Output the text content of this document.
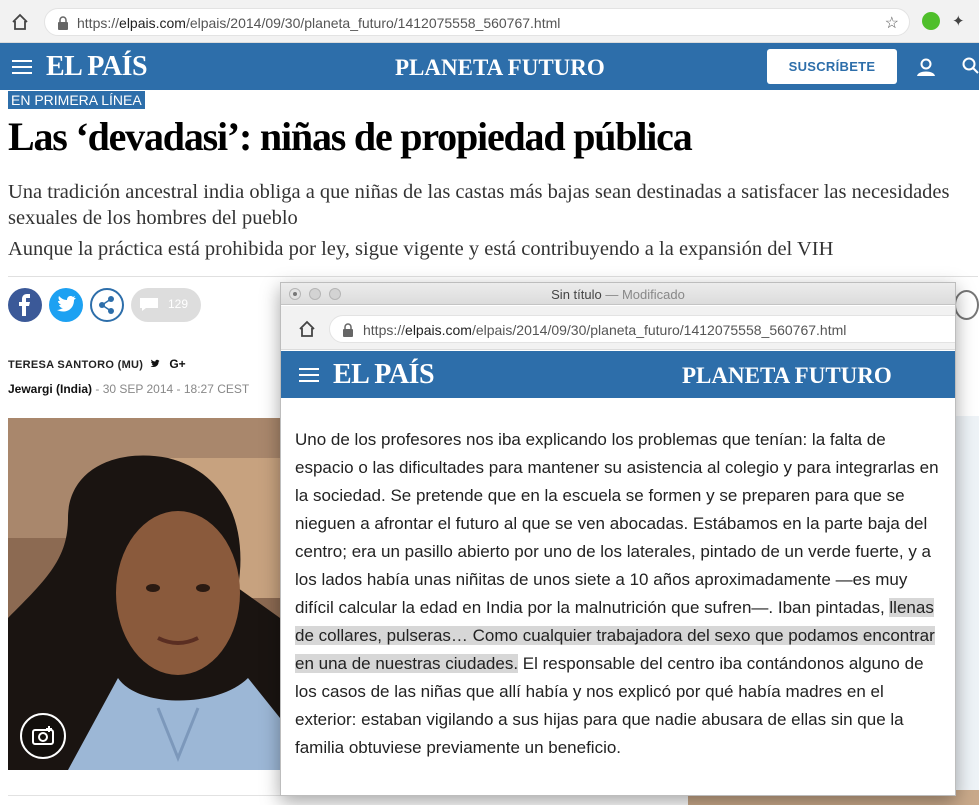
https://elpais.com/elpais/2014/09/30/planeta_futuro/1412075558_560767.html	☆	✦
EL PAÍS	PLANETA FUTURO	SUSCRÍBETE
EN PRIMERA LÍNEA
Las ‘devadasi’: niñas de propiedad pública
Una tradición ancestral india obliga a que niñas de las castas más bajas sean destinadas a satisfacer las necesidades sexuales de los hombres del pueblo
Aunque la práctica está prohibida por ley, sigue vigente y está contribuyendo a la expansión del VIH
129
TERESA SANTORO (MU)	G+
Jewargi (India) - 30 SEP 2014 - 18:27 CEST
Sin título — Modificado
https://elpais.com/elpais/2014/09/30/planeta_futuro/1412075558_560767.html
EL PAÍS	PLANETA FUTURO
Uno de los profesores nos iba explicando los problemas que tenían: la falta de espacio o las dificultades para mantener su asistencia al colegio y para integrarlas en la sociedad. Se pretende que en la escuela se formen y se preparen para que se nieguen a afrontar el futuro al que se ven abocadas. Estábamos en la parte baja del centro; era un pasillo abierto por uno de los laterales, pintado de un verde fuerte, y a los lados había unas niñitas de unos siete a 10 años aproximadamente —es muy difícil calcular la edad en India por la malnutrición que sufren—. Iban pintadas, llenas de collares, pulseras… Como cualquier trabajadora del sexo que podamos encontrar en una de nuestras ciudades. El responsable del centro iba contándonos alguno de los casos de las niñas que allí había y nos explicó por qué había madres en el exterior: estaban vigilando a sus hijas para que nadie abusara de ellas sin que la familia obtuviese previamente un beneficio.
